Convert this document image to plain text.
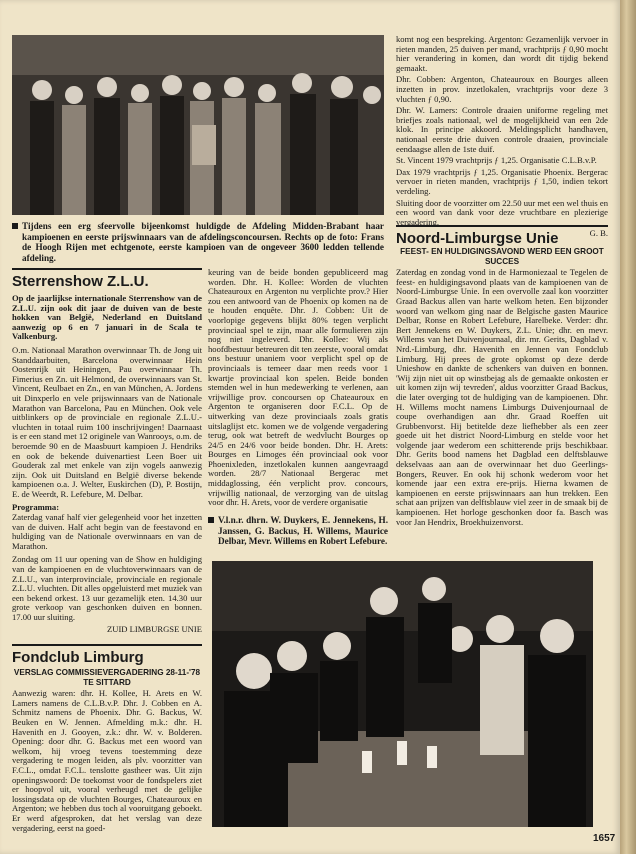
Tijdens een erg sfeervolle bijeenkomst huldigde de Afdeling Midden-Brabant haar kampioenen en eerste prijswinnaars van de afdelingsconcoursen. Rechts op de foto: Frans de Hoogh Rijen met echtgenote, eerste kampioen van de ongeveer 3600 ledden tellende afdeling.

komt nog een bespreking. Argenton: Gezamenlijk vervoer in rieten manden, 25 duiven per mand, vrachtprijs ƒ 0,90 mocht hier verandering in komen, dan wordt dit tijdig bekend gemaakt.

Dhr. Cobben: Argenton, Chateauroux en Bourges alleen inzetten in prov. inzetlokalen, vrachtprijs voor deze 3 vluchten ƒ 0,90.

Dhr. W. Lamers: Controle draaien uniforme regeling met briefjes zoals nationaal, wel de mogelijkheid van een 2de klok. In principe akkoord. Meldingsplicht handhaven, nationaal eerste drie duiven controle draaien, provinciale eendaagse allen de 1ste duif.

St. Vincent 1979 vrachtprijs ƒ 1,25. Organisatie C.L.B.v.P.

Dax 1979 vrachtprijs ƒ 1,25. Organisatie Phoenix. Bergerac vervoer in rieten manden, vrachtprijs ƒ 1,50, indien tekort verdeling.

Sluiting door de voorzitter om 22.50 uur met een wel thuis en een woord van dank voor deze vruchtbare en plezierige vergadering.

G. B.

Noord-Limburgse Unie
FEEST- EN HULDIGINGSAVOND WERD EEN GROOT SUCCES

Zaterdag en zondag vond in de Harmoniezaal te Tegelen de feest- en huldigingsavond plaats van de kampioenen van de Noord-Limburgse Unie. In een overvolle zaal kon voorzitter Graad Backus allen van harte welkom heten. Een bijzonder woord van welkom ging naar de Belgische gasten Maurice Delbar, Ronse en Robert Lefebure, Harelbeke. Verder: dhr. Bert Jennekens en W. Duykers, Z.L. Unie; dhr. en mevr. Willems van het Duivenjournaal, dir. mr. Gerits, Dagblad v. Nrd.-Limburg, dhr. Havenith en Jennen van Fondclub Limburg. Hij prees de grote opkomst op deze derde Unieshow en dankte de schenkers van duiven en bonnen. 'Wij zijn niet uit op winstbejag als de gemaakte onkosten er uit komen zijn wij tevreden', aldus voorzitter Graad Backus, die later overging tot de huldiging van de kampioenen. Dhr. H. Willems mocht namens Limburgs Duivenjournaal de coupe overhandigen aan dhr. Graad Roeffen uit Grubbenvorst. Hij betitelde deze liefhebber als een zeer goede uit het district Noord-Limburg en stelde voor het volgende jaar wederom een schitterende prijs beschikbaar. Dhr. Gerits bood namens het Dagblad een delftsblauwe dekselvaas aan aan de overwinnaar het duo Geerlings-Bongers, Reuver. En ook hij schonk wederom voor het komende jaar een extra ere-prijs. Hierna kwamen de kampioenen en eerste prijswinnaars aan hun trekken. Een schat aan prijzen van delftsblauw viel zeer in de smaak bij de kampioenen. Het horloge geschonken door fa. Basch was voor Jan Hendrix, Broekhuizenvorst.

Sterrenshow Z.L.U.

Op de jaarlijkse internationale Sterrenshow van de Z.L.U. zijn ook dit jaar de duiven van de beste hokken van België, Nederland en Duitsland aanwezig op 6 en 7 januari in de Scala te Valkenburg.

O.m. Nationaal Marathon overwinnaar Th. de Jong uit Standdaarbuiten, Barcelona overwinnaar Hein Oostenrijk uit Heiningen, Pau overwinnaar Th. Fimerius en Zn. uit Helmond, de overwinnaars van St. Vincent, Reulbaet en Zn., en van München, A. Jordens uit Dinxperlo en vele prijswinnaars van de Nationale Marathon van Barcelona, Pau en München. Ook vele uitblinkers op de provinciale en regionale Z.L.U.-vluchten in totaal ruim 100 inschrijvingen! Daarnaast is er een stand met 12 originele van Wanrooys, o.m. de beroemde 90 en de Maasbuurt kampioen J. Hendriks en ook de bekende duivenartiest Leen Boer uit Gouderak zal met enkele van zijn vogels aanwezig zijn. Ook uit Duitsland en België diverse bekende kampioenen o.a. J. Welter, Euskirchen (D), P. Bostijn, E. de Weerdt, R. Lefebure, M. Delbar.

Programma:

Zaterdag vanaf half vier gelegenheid voor het inzetten van de duiven. Half acht begin van de feestavond en huldiging van de Nationale overwinnaars en van de Marathon.

Zondag om 11 uur opening van de Show en huldiging van de kampioenen en de vluchtoverwinnaars van de Z.L.U., van interprovinciale, provinciale en regionale Z.L.U. vluchten. Dit alles opgeluisterd met muziek van een bekend orkest. 13 uur gezamelijk eten. 14.30 uur grote verkoop van geschonken duiven en bonnen. 17.00 uur sluiting.

ZUID LIMBURGSE UNIE

Fondclub Limburg
VERSLAG COMMISSIEVERGADERING 28-11-'78 TE SITTARD

Aanwezig waren: dhr. H. Kollee, H. Arets en W. Lamers namens de C.L.B.v.P. Dhr. J. Cobben en A. Schmitz namens de Phoenix. Dhr. G. Backus, W. Beuken en W. Jennen. Afmelding m.k.: dhr. H. Havenith en J. Gooyen, z.k.: dhr. W. v. Bolderen. Opening: door dhr. G. Backus met een woord van welkom, hij vroeg tevens toestemming deze vergadering te mogen leiden, als plv. voorzitter van F.C.L., omdat F.C.L. tenslotte gastheer was. Uit zijn openingswoord: De toekomst voor de fondspelers ziet er hoopvol uit, vooral verheugd met de gelijke lossingsdata op de vluchten Bourges, Chateauroux en Argenton; we hebben dus toch al vooruitgang geboekt. Er werd afgesproken, dat het verslag van deze vergadering, eerst na goed-

keuring van de beide bonden gepubliceerd mag worden. Dhr. H. Kollee: Worden de vluchten Chateauroux en Argenton nu verplichte prov.? Hier zou een antwoord van de Phoenix op komen na de te houden enquête. Dhr. J. Cobben: Uit de voorlopige gegevens blijkt 80% tegen verplicht provinciaal spel te zijn, maar alle formulieren zijn nog niet ingeleverd. Dhr. Kollee: Wij als hoofdbestuur betreuren dit ten zeerste, vooral omdat ons bestuur unaniem voor verplicht spel op de provinciaals is temeer daar men reeds voor 1 kwartje provinciaal kon spelen. Beide bonden stemden wel in hun medewerking te verlenen, aan vrijwillige prov. concoursen op Chateauroux en Argenton te organiseren door F.C.L. Op de uitwerking van deze provinciaals zoals gratis uitslaglijst etc. komen we de volgende vergadering terug, ook wat betreft de wedvlucht Bourges op 24/5 en 24/6 voor beide bonden. Dhr. H. Arets: Bourges en Limoges één provinciaal ook voor Phoenixleden, inzetlokalen kunnen aangevraagd worden. 28/7 Nationaal Bergerac met middaglossing, één verplicht prov. concours, vrijwillig nationaal, de verzorging van de uitslag voor dhr. H. Arets, voor de verdere organisatie

V.l.n.r. dhrn. W. Duykers, E. Jennekens, H. Janssen, G. Backus, H. Willems, Maurice Delbar, Mevr. Willems en Robert Lefebure.
1657
